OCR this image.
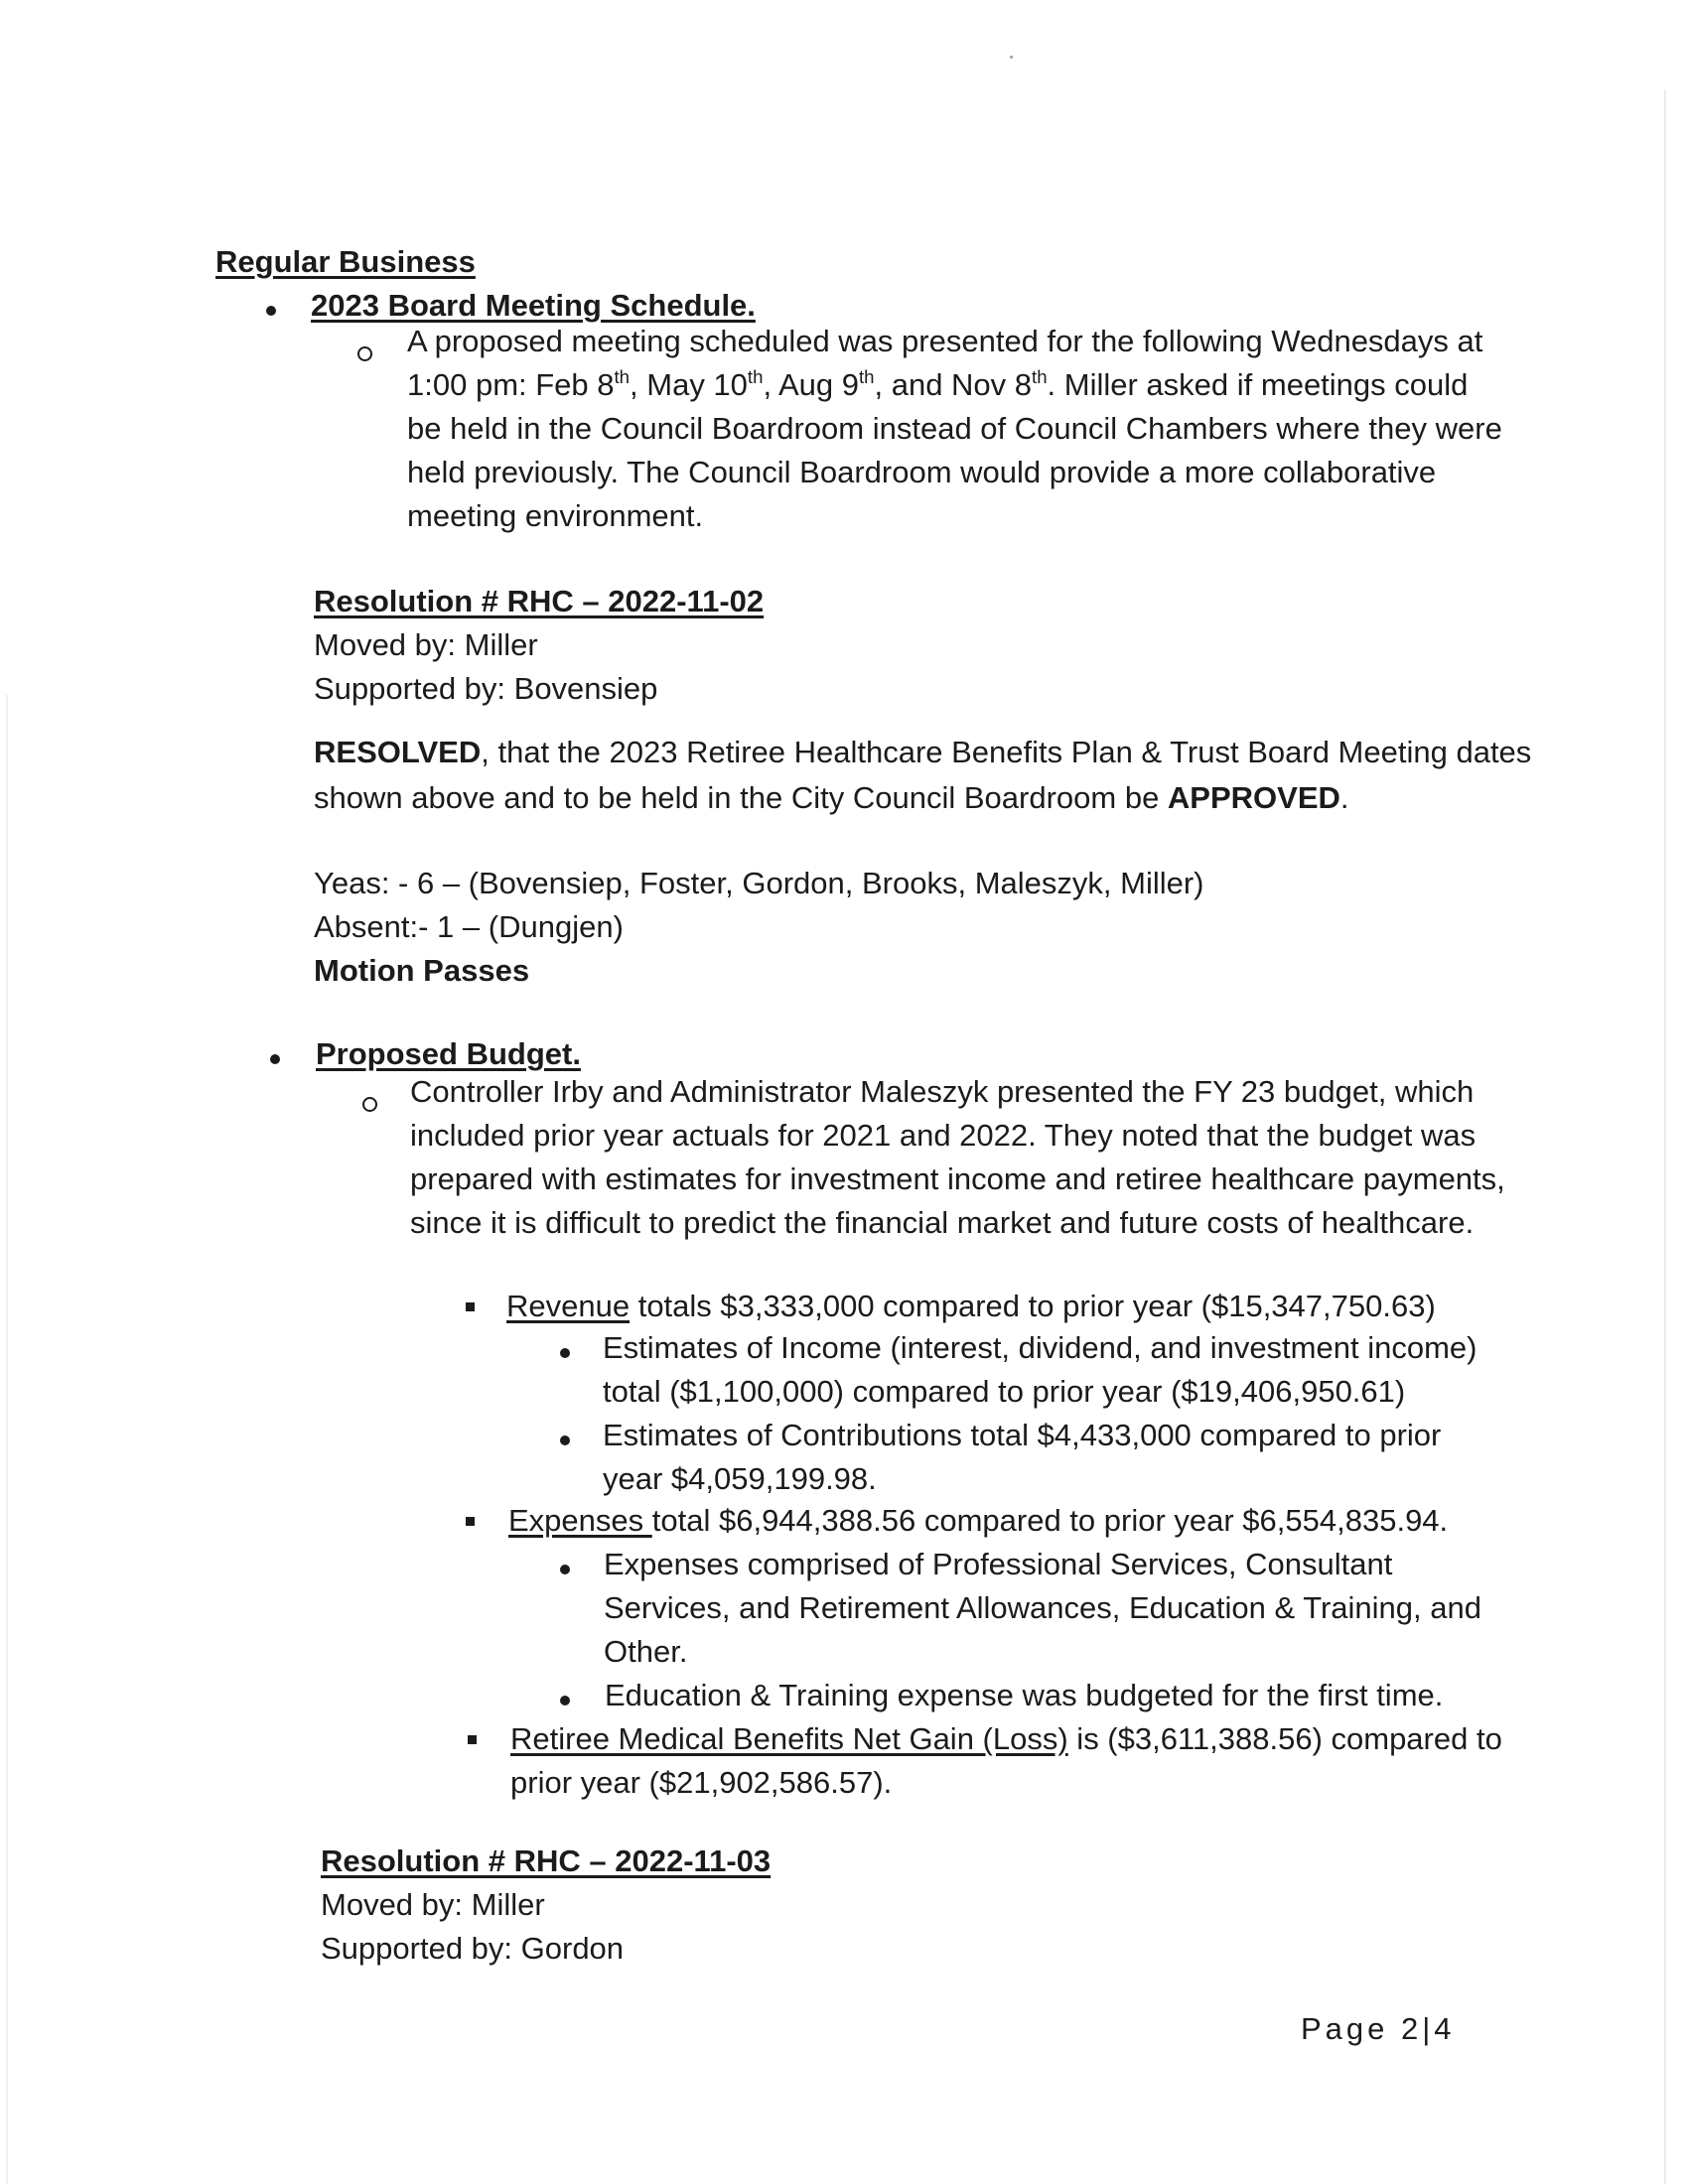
Regular Business
2023 Board Meeting Schedule.

A proposed meeting scheduled was presented for the following Wednesdays at

1:00 pm: Feb 8th, May 10th, Aug 9th, and Nov 8th. Miller asked if meetings could

be held in the Council Boardroom instead of Council Chambers where they were

held previously. The Council Boardroom would provide a more collaborative

meeting environment.

Resolution # RHC – 2022-11-02
Moved by: Miller
Supported by: Bovensiep
RESOLVED, that the 2023 Retiree Healthcare Benefits Plan & Trust Board Meeting dates
shown above and to be held in the City Council Boardroom be APPROVED.
Yeas: - 6 – (Bovensiep, Foster, Gordon, Brooks, Maleszyk, Miller)
Absent:- 1 – (Dungjen)
Motion Passes
Proposed Budget.

Controller Irby and Administrator Maleszyk presented the FY 23 budget, which

included prior year actuals for 2021 and 2022. They noted that the budget was

prepared with estimates for investment income and retiree healthcare payments,

since it is difficult to predict the financial market and future costs of healthcare.

Revenue totals $3,333,000 compared to prior year ($15,347,750.63)

Estimates of Income (interest, dividend, and investment income)

total ($1,100,000) compared to prior year ($19,406,950.61)

Estimates of Contributions total $4,433,000 compared to prior

year $4,059,199.98.

Expenses total $6,944,388.56 compared to prior year $6,554,835.94.

Expenses comprised of Professional Services, Consultant

Services, and Retirement Allowances, Education & Training, and

Other.

Education & Training expense was budgeted for the first time.

Retiree Medical Benefits Net Gain (Loss) is ($3,611,388.56) compared to

prior year ($21,902,586.57).

Resolution # RHC – 2022-11-03
Moved by: Miller
Supported by: Gordon
Page 2|4
